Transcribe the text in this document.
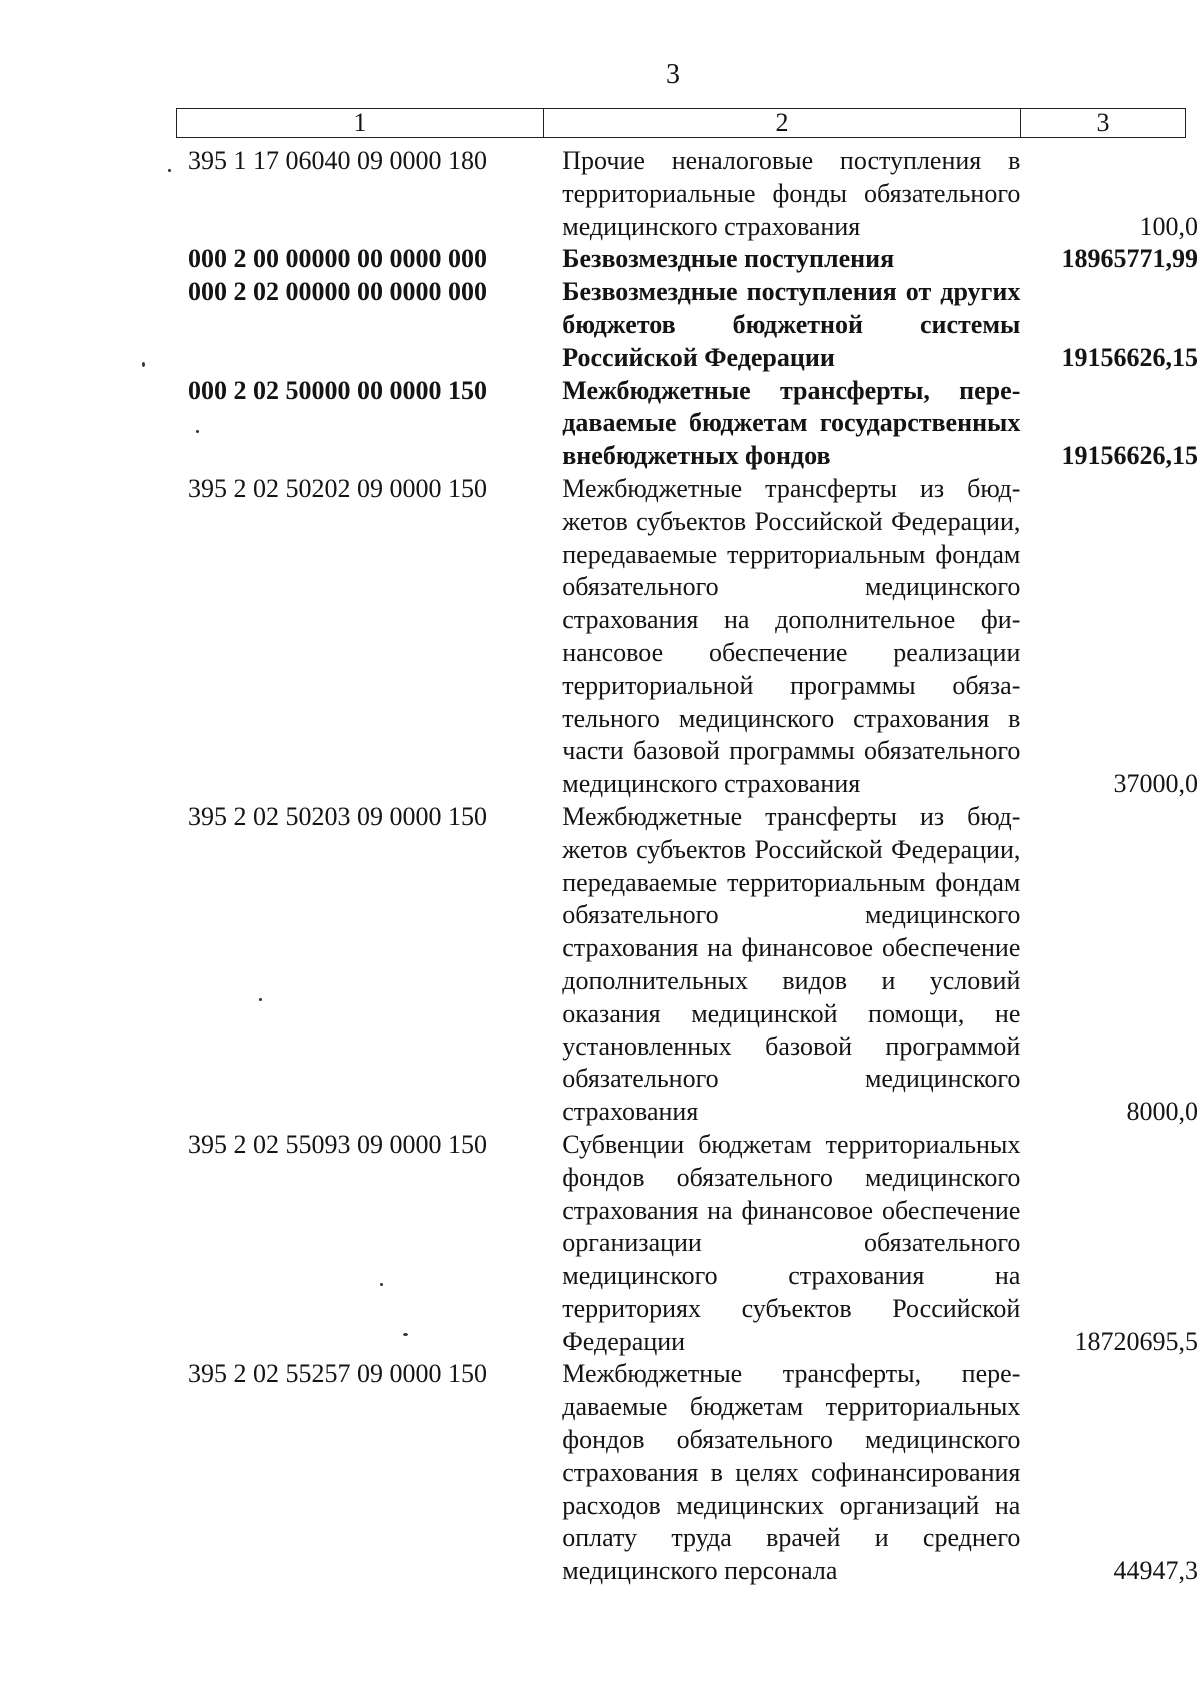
3
1	2	3
395 1 17 06040 09 0000 180	Прочие неналоговые поступления в территориальные фонды обязательного медицинского страхования	100,0
000 2 00 00000 00 0000 000	Безвозмездные поступления	18965771,99
000 2 02 00000 00 0000 000	Безвозмездные поступления от других бюджетов бюджетной системы Российской Федерации	19156626,15
000 2 02 50000 00 0000 150	Межбюджетные трансферты, передаваемые бюджетам государственных внебюджетных фондов	19156626,15
395 2 02 50202 09 0000 150	Межбюджетные трансферты из бюджетов субъектов Российской Федерации, передаваемые территориальным фондам обязательного медицинского страхования на дополнительное финансовое обеспечение реализации территориальной программы обязательного медицинского страхования в части базовой программы обязательного медицинского страхования	37000,0
395 2 02 50203 09 0000 150	Межбюджетные трансферты из бюджетов субъектов Российской Федерации, передаваемые территориальным фондам обязательного медицинского страхования на финансовое обеспечение дополнительных видов и условий оказания медицинской помощи, не установленных базовой программой обязательного медицинского страхования	8000,0
395 2 02 55093 09 0000 150	Субвенции бюджетам территориальных фондов обязательного медицинского страхования на финансовое обеспечение организации обязательного медицинского страхования на территориях субъектов Российской Федерации	18720695,5
395 2 02 55257 09 0000 150	Межбюджетные трансферты, передаваемые бюджетам территориальных фондов обязательного медицинского страхования в целях софинансирования расходов медицинских организаций на оплату труда врачей и среднего медицинского персонала	44947,3
